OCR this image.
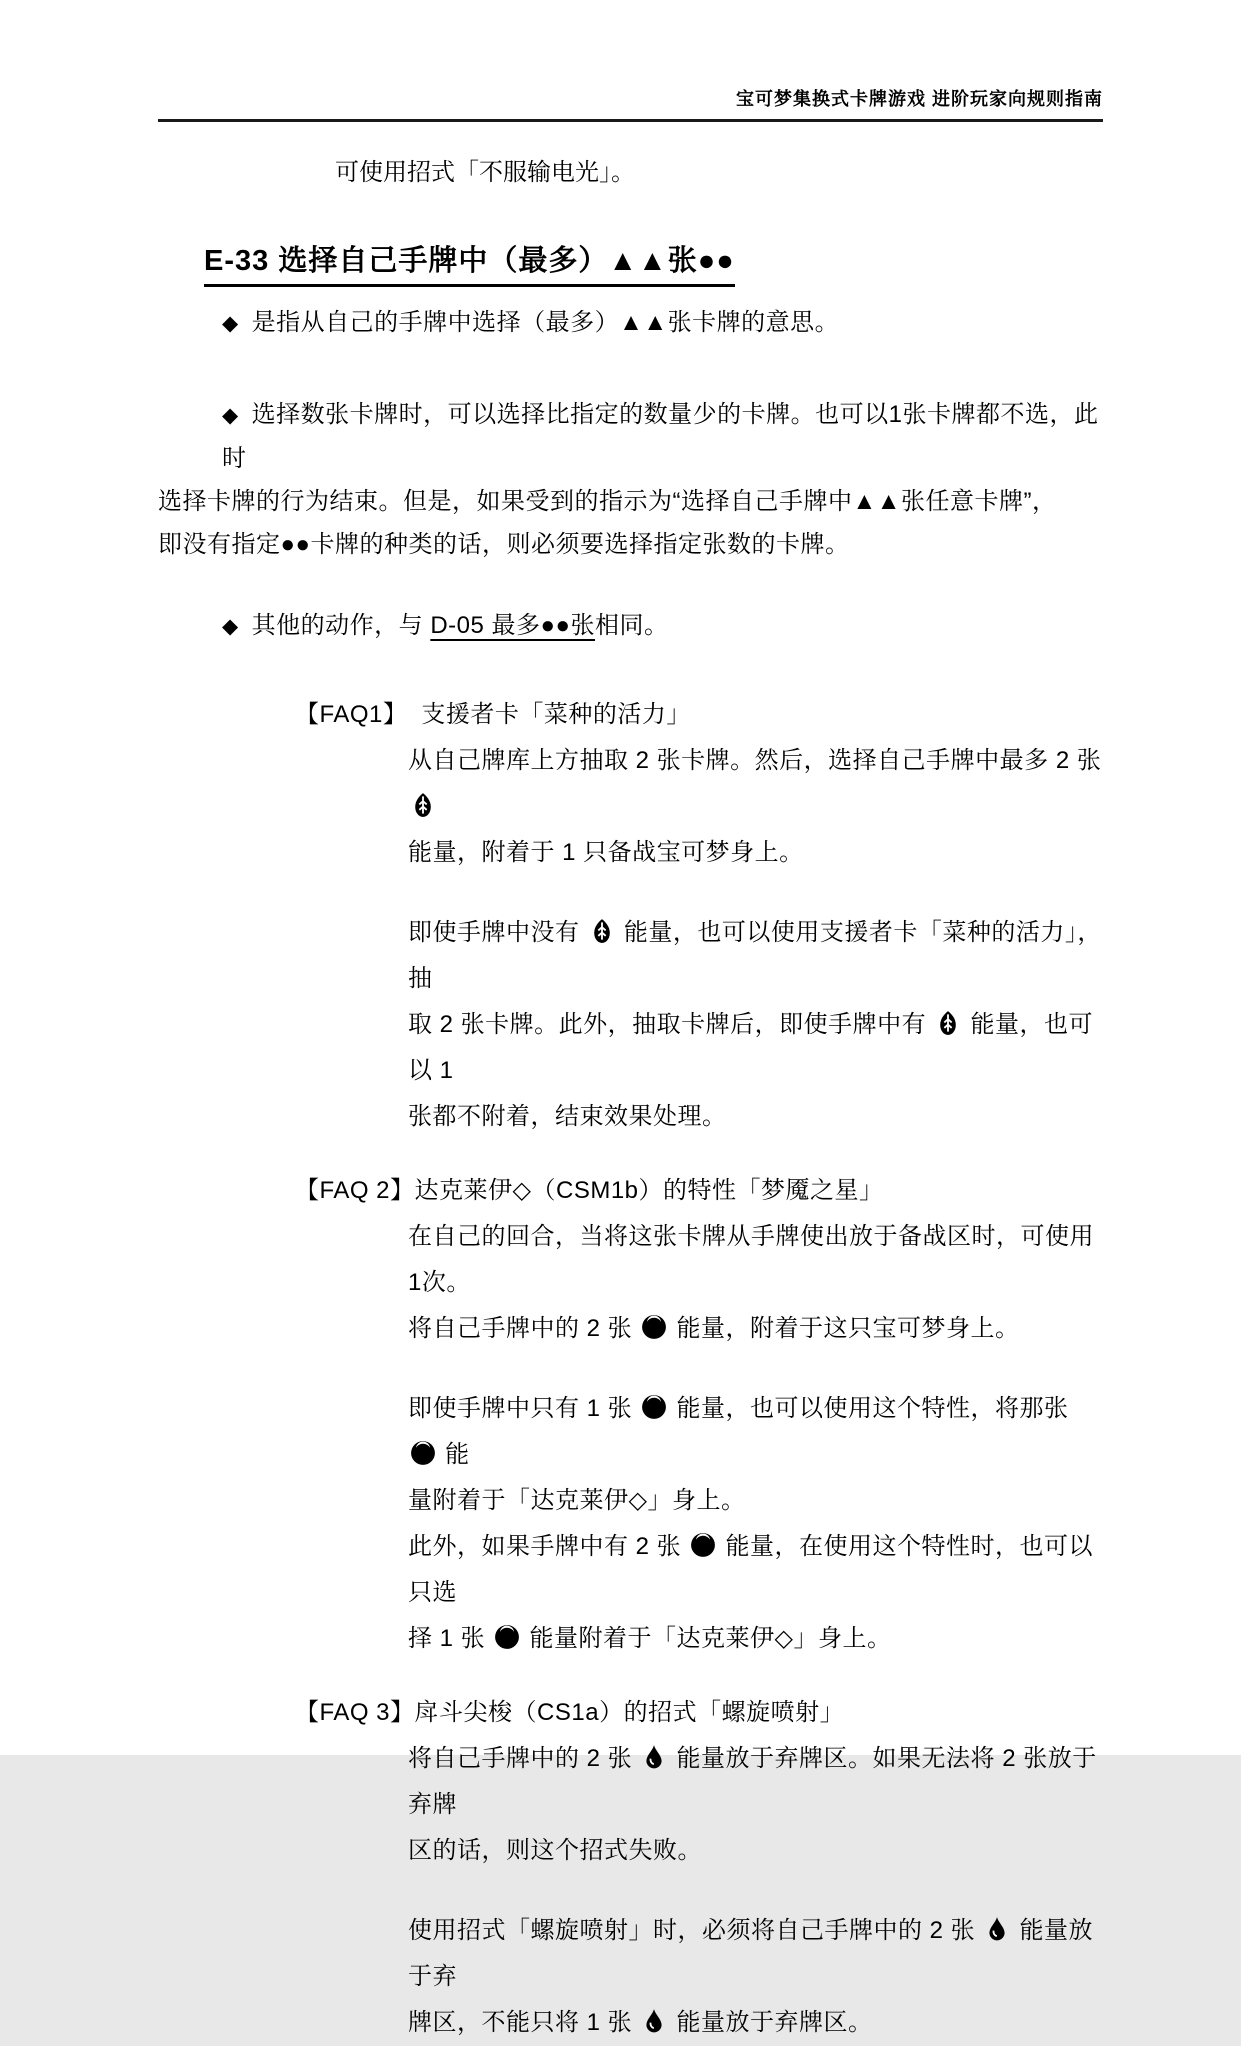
宝可梦集换式卡牌游戏 进阶玩家向规则指南
可使用招式「不服输电光」。
E-33 选择自己手牌中（最多）▲▲张●●
◆ 是指从自己的手牌中选择（最多）▲▲张卡牌的意思。
◆ 选择数张卡牌时，可以选择比指定的数量少的卡牌。也可以1张卡牌都不选，此时
选择卡牌的行为结束。但是，如果受到的指示为“选择自己手牌中▲▲张任意卡牌”，
即没有指定●●卡牌的种类的话，则必须要选择指定张数的卡牌。
◆ 其他的动作，与 D-05 最多●●张相同。
【FAQ1】 支援者卡「菜种的活力」
从自己牌库上方抽取 2 张卡牌。然后，选择自己手牌中最多 2 张
能量，附着于 1 只备战宝可梦身上。
即使手牌中没有
能量，也可以使用支援者卡「菜种的活力」，抽
取 2 张卡牌。此外，抽取卡牌后，即使手牌中有
能量，也可以 1
张都不附着，结束效果处理。
【FAQ 2】达克莱伊◇（CSM1b）的特性「梦魇之星」
在自己的回合，当将这张卡牌从手牌使出放于备战区时，可使用1次。
将自己手牌中的 2 张
能量，附着于这只宝可梦身上。
即使手牌中只有 1 张
能量，也可以使用这个特性，将那张
能
量附着于「达克莱伊◇」身上。
此外，如果手牌中有 2 张
能量，在使用这个特性时，也可以只选
择 1 张
能量附着于「达克莱伊◇」身上。
【FAQ 3】戽斗尖梭（CS1a）的招式「螺旋喷射」
将自己手牌中的 2 张
能量放于弃牌区。如果无法将 2 张放于弃牌
区的话，则这个招式失败。
使用招式「螺旋喷射」时，必须将自己手牌中的 2 张
能量放于弃
牌区，不能只将 1 张
能量放于弃牌区。
